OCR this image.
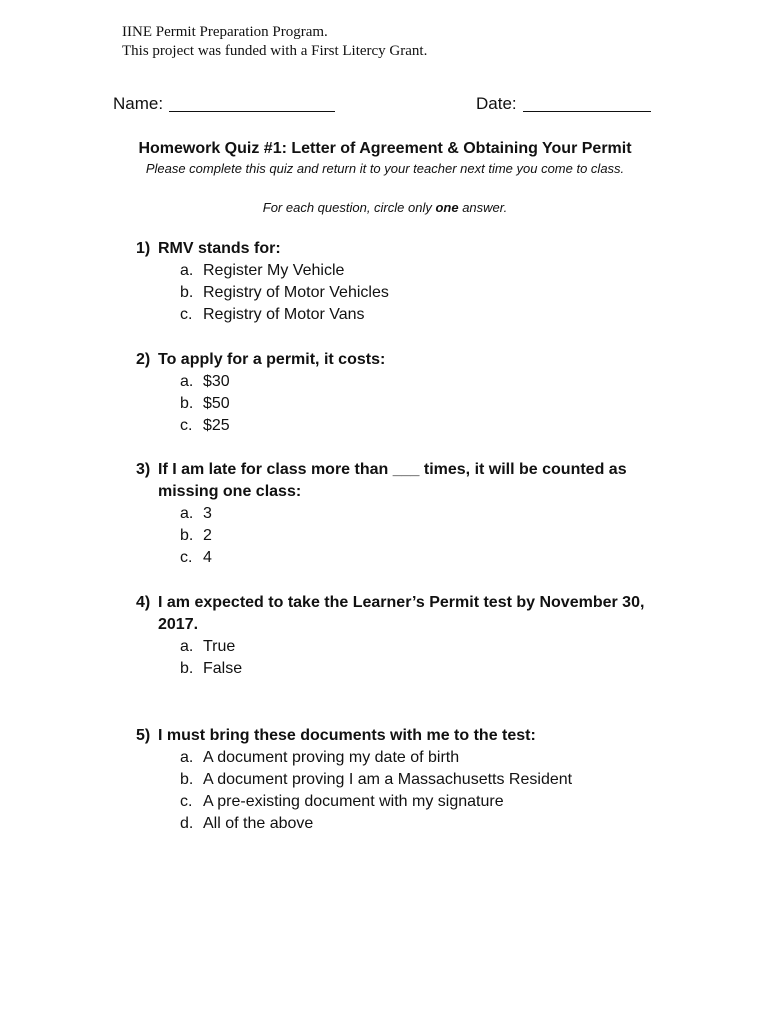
IINE Permit Preparation Program.
This project was funded with a First Litercy Grant.
Name:	Date:
Homework Quiz #1: Letter of Agreement & Obtaining Your Permit
Please complete this quiz and return it to your teacher next time you come to class.
For each question, circle only one answer.
1) RMV stands for:
a. Register My Vehicle
b. Registry of Motor Vehicles
c. Registry of Motor Vans
2) To apply for a permit, it costs:
a. $30
b. $50
c. $25
3) If I am late for class more than ___ times, it will be counted as missing one class:
a. 3
b. 2
c. 4
4) I am expected to take the Learner’s Permit test by November 30, 2017.
a. True
b. False
5) I must bring these documents with me to the test:
a. A document proving my date of birth
b. A document proving I am a Massachusetts Resident
c. A pre-existing document with my signature
d. All of the above
